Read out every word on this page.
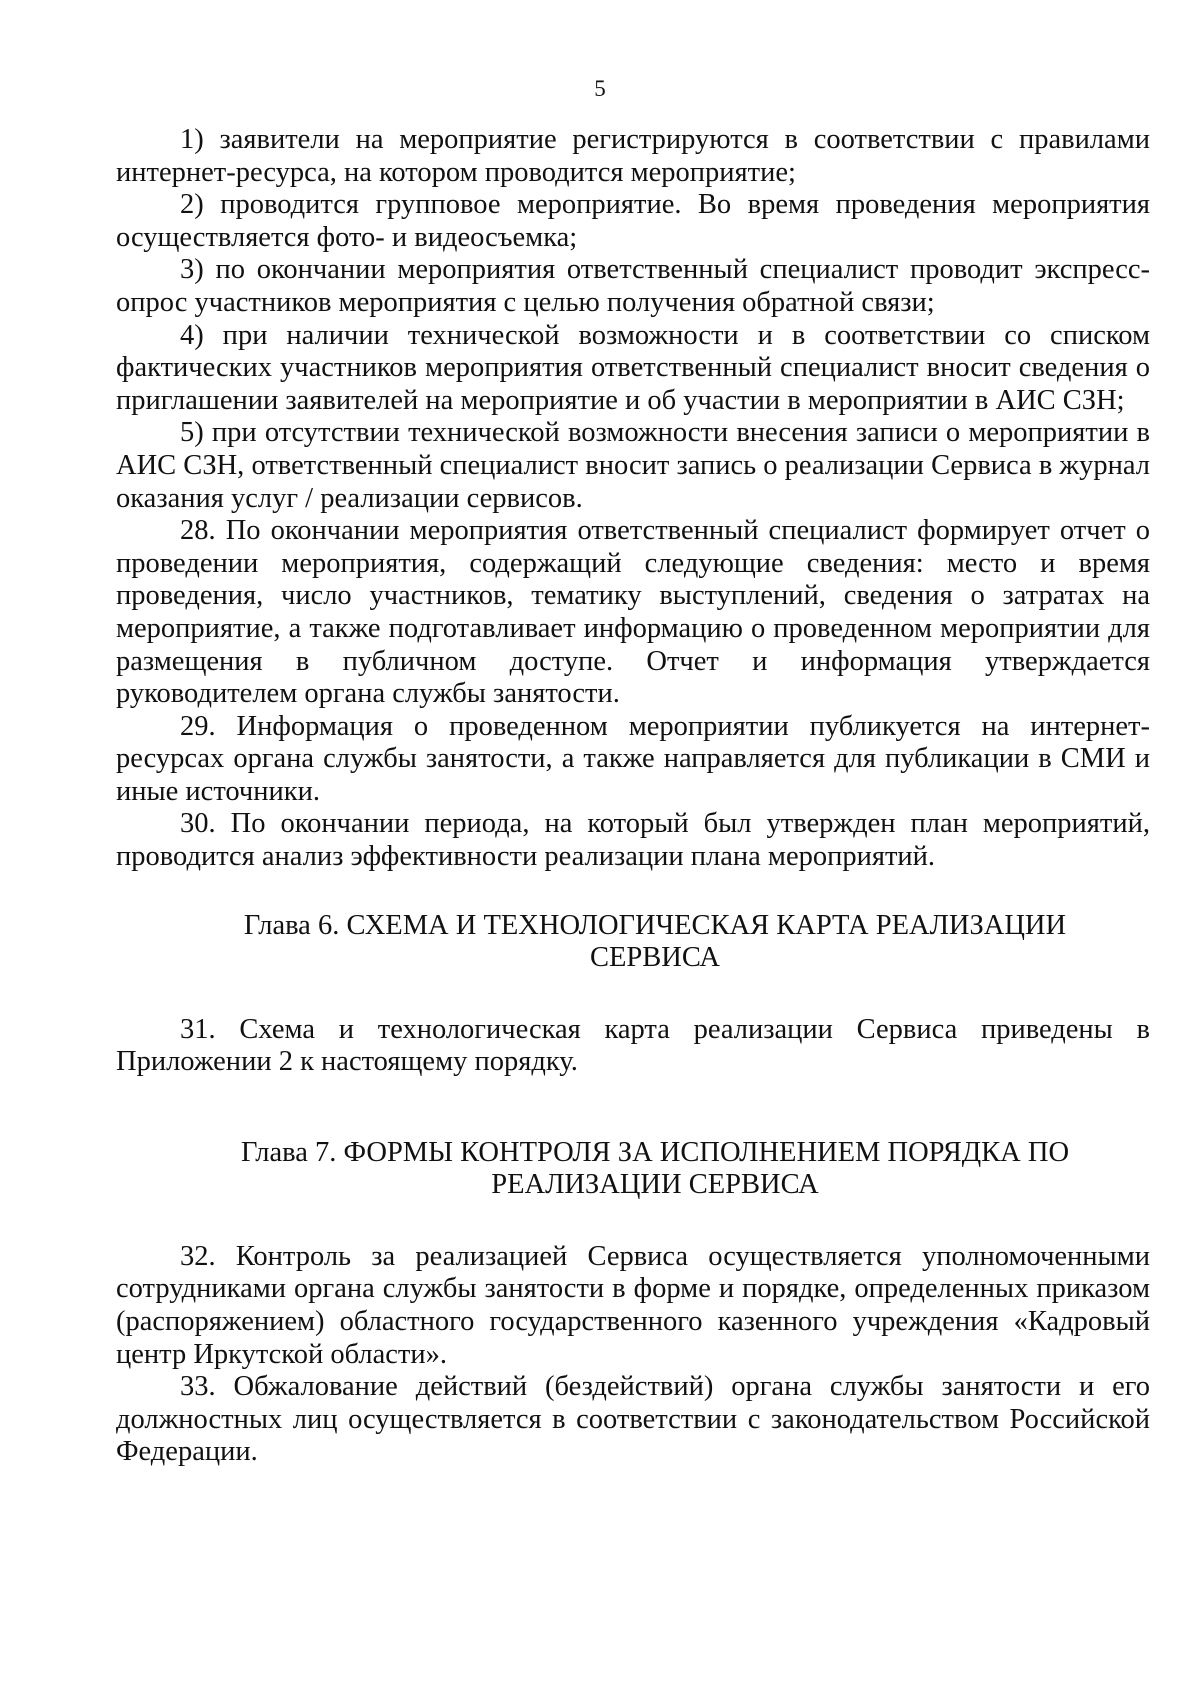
5

1) заявители на мероприятие регистрируются в соответствии с правилами интернет-ресурса, на котором проводится мероприятие;

2) проводится групповое мероприятие. Во время проведения мероприятия осуществляется фото- и видеосъемка;

3) по окончании мероприятия ответственный специалист проводит экспресс-опрос участников мероприятия с целью получения обратной связи;

4) при наличии технической возможности и в соответствии со списком фактических участников мероприятия ответственный специалист вносит сведения о приглашении заявителей на мероприятие и об участии в мероприятии в АИС СЗН;

5) при отсутствии технической возможности внесения записи о мероприятии в АИС СЗН, ответственный специалист вносит запись о реализации Сервиса в журнал оказания услуг / реализации сервисов.

28. По окончании мероприятия ответственный специалист формирует отчет о проведении мероприятия, содержащий следующие сведения: место и время проведения, число участников, тематику выступлений, сведения о затратах на мероприятие, а также подготавливает информацию о проведенном мероприятии для размещения в публичном доступе. Отчет и информация утверждается руководителем органа службы занятости.

29. Информация о проведенном мероприятии публикуется на интернет-ресурсах органа службы занятости, а также направляется для публикации в СМИ и иные источники.

30. По окончании периода, на который был утвержден план мероприятий, проводится анализ эффективности реализации плана мероприятий.

Глава 6. СХЕМА И ТЕХНОЛОГИЧЕСКАЯ КАРТА РЕАЛИЗАЦИИ
СЕРВИСА

31. Схема и технологическая карта реализации Сервиса приведены в Приложении 2 к настоящему порядку.

Глава 7. ФОРМЫ КОНТРОЛЯ ЗА ИСПОЛНЕНИЕМ ПОРЯДКА ПО
РЕАЛИЗАЦИИ СЕРВИСА

32. Контроль за реализацией Сервиса осуществляется уполномоченными сотрудниками органа службы занятости в форме и порядке, определенных приказом (распоряжением) областного государственного казенного учреждения «Кадровый центр Иркутской области».

33. Обжалование действий (бездействий) органа службы занятости и его должностных лиц осуществляется в соответствии с законодательством Российской Федерации.
